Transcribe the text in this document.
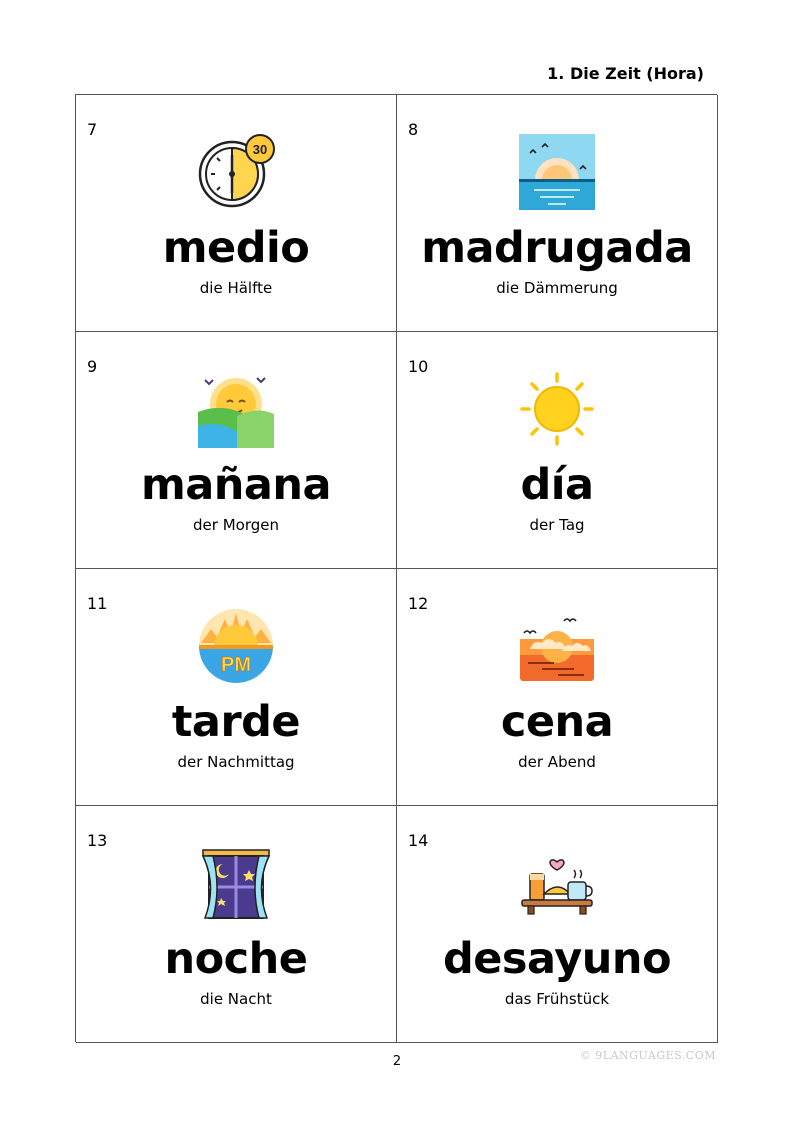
1. Die Zeit (Hora)
7
30
medio
die Hälfte
8
madrugada
die Dämmerung
9
mañana
der Morgen
10
día
der Tag
11
PM
tarde
der Nachmittag
12
cena
der Abend
13
noche
die Nacht
14
desayuno
das Frühstück
2	© 9LANGUAGES.COM
